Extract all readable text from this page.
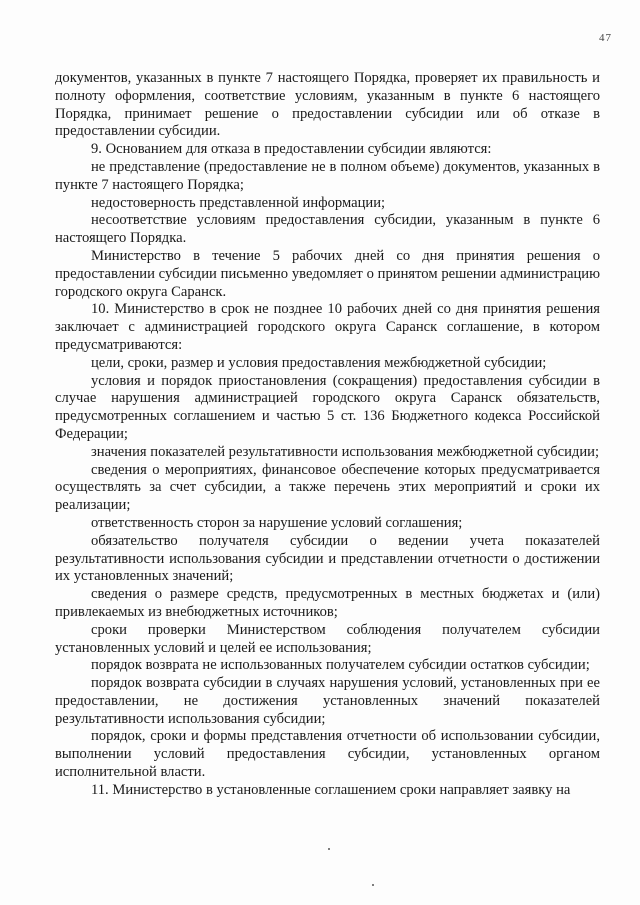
47

документов, указанных в пункте 7 настоящего Порядка, проверяет их правильность и полноту оформления, соответствие условиям, указанным в пункте 6 настоящего Порядка, принимает решение о предоставлении субсидии или об отказе в предоставлении субсидии.

9. Основанием для отказа в предоставлении субсидии являются:

не представление (предоставление не в полном объеме) документов, указанных в пункте 7 настоящего Порядка;

недостоверность представленной информации;

несоответствие условиям предоставления субсидии, указанным в пункте 6 настоящего Порядка.

Министерство в течение 5 рабочих дней со дня принятия решения о предоставлении субсидии письменно уведомляет о принятом решении администрацию городского округа Саранск.

10. Министерство в срок не позднее 10 рабочих дней со дня принятия решения заключает с администрацией городского округа Саранск соглашение, в котором предусматриваются:

цели, сроки, размер и условия предоставления межбюджетной субсидии;

условия и порядок приостановления (сокращения) предоставления субсидии в случае нарушения администрацией городского округа Саранск обязательств, предусмотренных соглашением и частью 5 ст. 136 Бюджетного кодекса Российской Федерации;

значения показателей результативности использования межбюджетной субсидии;

сведения о мероприятиях, финансовое обеспечение которых предусматривается осуществлять за счет субсидии, а также перечень этих мероприятий и сроки их реализации;

ответственность сторон за нарушение условий соглашения;

обязательство получателя субсидии о ведении учета показателей результативности использования субсидии и представлении отчетности о достижении их установленных значений;

сведения о размере средств, предусмотренных в местных бюджетах и (или) привлекаемых из внебюджетных источников;

сроки проверки Министерством соблюдения получателем субсидии установленных условий и целей ее использования;

порядок возврата не использованных получателем субсидии остатков субсидии;

порядок возврата субсидии в случаях нарушения условий, установленных при ее предоставлении, не достижения установленных значений показателей результативности использования субсидии;

порядок, сроки и формы представления отчетности об использовании субсидии, выполнении условий предоставления субсидии, установленных органом исполнительной власти.

11. Министерство в установленные соглашением сроки направляет заявку на
